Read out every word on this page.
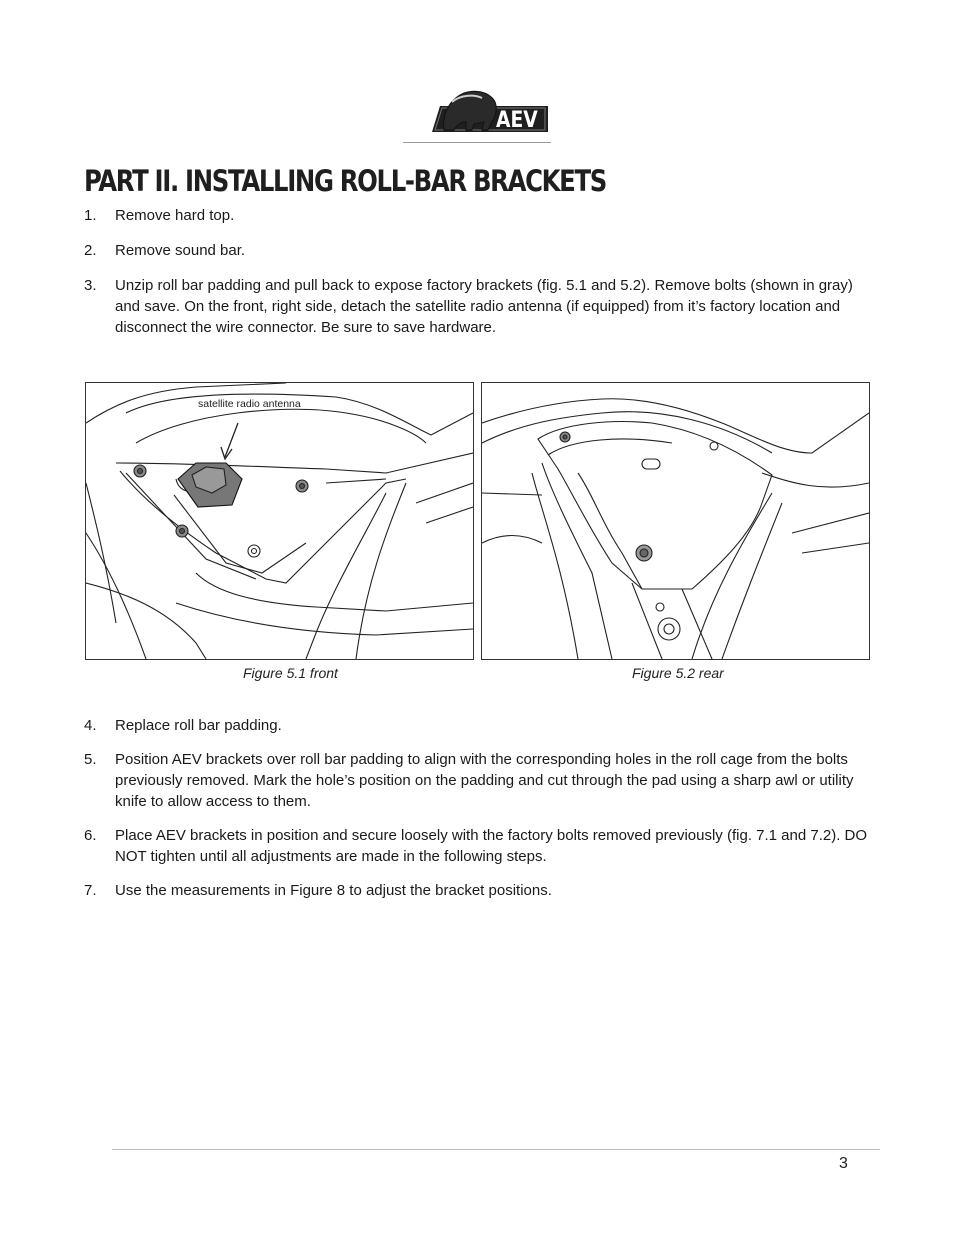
AEV
PART II. INSTALLING ROLL-BAR BRACKETS
1. Remove hard top.
2. Remove sound bar.
3. Unzip roll bar padding and pull back to expose factory brackets (fig. 5.1 and 5.2). Remove bolts (shown in gray) and save. On the front, right side, detach the satellite radio antenna (if equipped) from it’s factory location and disconnect the wire connector. Be sure to save hardware.
satellite radio antenna
Figure 5.1 front	Figure 5.2 rear
4. Replace roll bar padding.
5. Position AEV brackets over roll bar padding to align with the corresponding holes in the roll cage from the bolts previously removed. Mark the hole’s position on the padding and cut through the pad using a sharp awl or utility knife to allow access to them.
6. Place AEV brackets in position and secure loosely with the factory bolts removed previously (fig. 7.1 and 7.2). DO NOT tighten until all adjustments are made in the following steps.
7. Use the measurements in Figure 8 to adjust the bracket positions.
3
